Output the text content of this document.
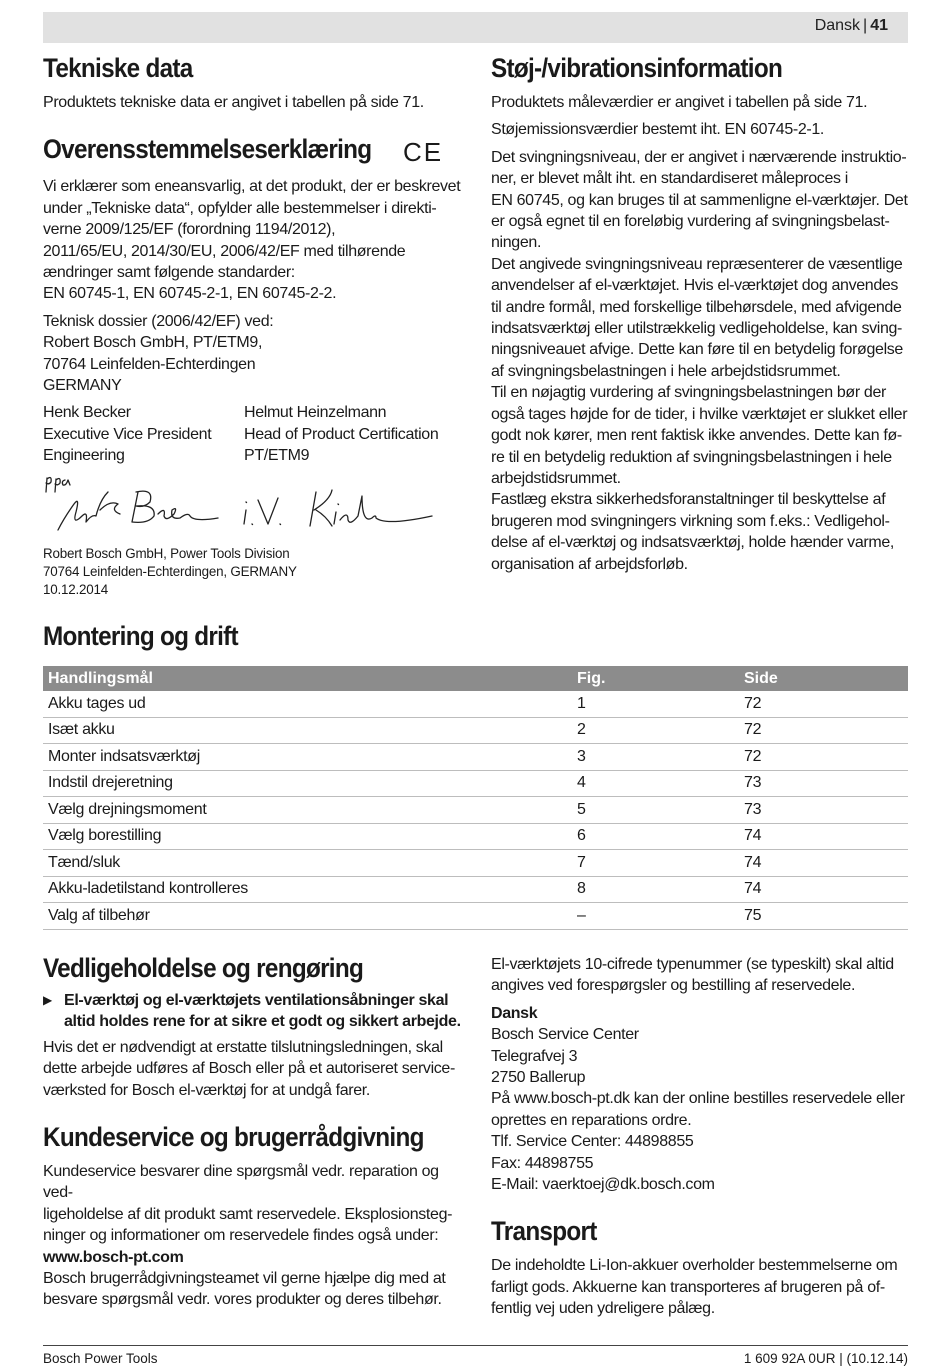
Dansk | 41
Tekniske data

Produktets tekniske data er angivet i tabellen på side 71.

Overensstemmelseserklæring

Vi erklærer som eneansvarlig, at det produkt, der er beskrevet

under „Tekniske data“, opfylder alle bestemmelser i direkti-

verne 2009/125/EF (forordning 1194/2012),

2011/65/EU, 2014/30/EU, 2006/42/EF med tilhørende

ændringer samt følgende standarder:

EN 60745-1, EN 60745-2-1, EN 60745-2-2.

Teknisk dossier (2006/42/EF) ved:

Robert Bosch GmbH, PT/ETM9,

70764 Leinfelden-Echterdingen

GERMANY

Henk Becker

Executive Vice President

Engineering

Helmut Heinzelmann

Head of Product Certification

PT/ETM9

CE

Robert Bosch GmbH, Power Tools Division

70764 Leinfelden-Echterdingen, GERMANY

10.12.2014

Støj-/vibrationsinformation

Produktets måleværdier er angivet i tabellen på side 71.

Støjemissionsværdier bestemt iht. EN 60745-2-1.

Det svingningsniveau, der er angivet i nærværende instruktio-

ner, er blevet målt iht. en standardiseret måleproces i

EN 60745, og kan bruges til at sammenligne el-værktøjer. Det

er også egnet til en foreløbig vurdering af svingningsbelast-

ningen.

Det angivede svingningsniveau repræsenterer de væsentlige

anvendelser af el-værktøjet. Hvis el-værktøjet dog anvendes

til andre formål, med forskellige tilbehørsdele, med afvigende

indsatsværktøj eller utilstrækkelig vedligeholdelse, kan sving-

ningsniveauet afvige. Dette kan føre til en betydelig forøgelse

af svingningsbelastningen i hele arbejdstidsrummet.

Til en nøjagtig vurdering af svingningsbelastningen bør der

også tages højde for de tider, i hvilke værktøjet er slukket eller

godt nok kører, men rent faktisk ikke anvendes. Dette kan fø-

re til en betydelig reduktion af svingningsbelastningen i hele

arbejdstidsrummet.

Fastlæg ekstra sikkerhedsforanstaltninger til beskyttelse af

brugeren mod svingningers virkning som f.eks.: Vedligehol-

delse af el-værktøj og indsatsværktøj, holde hænder varme,

organisation af arbejdsforløb.

Montering og drift
Handlingsmål	Fig.	Side
Akku tages ud	1	72
Isæt akku	2	72
Monter indsatsværktøj	3	72
Indstil drejeretning	4	73
Vælg drejningsmoment	5	73
Vælg borestilling	6	74
Tænd/sluk	7	74
Akku-ladetilstand kontrolleres	8	74
Valg af tilbehør	–	75
Vedligeholdelse og rengøring
▶ El-værktøj og el-værktøjets ventilationsåbninger skal

altid holdes rene for at sikre et godt og sikkert arbejde.

Hvis det er nødvendigt at erstatte tilslutningsledningen, skal

dette arbejde udføres af Bosch eller på et autoriseret service-

værksted for Bosch el-værktøj for at undgå farer.

Kundeservice og brugerrådgivning

Kundeservice besvarer dine spørgsmål vedr. reparation og ved-

ligeholdelse af dit produkt samt reservedele. Eksplosionsteg-

ninger og informationer om reservedele findes også under:

www.bosch-pt.com

Bosch brugerrådgivningsteamet vil gerne hjælpe dig med at

besvare spørgsmål vedr. vores produkter og deres tilbehør.

El-værktøjets 10-cifrede typenummer (se typeskilt) skal altid

angives ved forespørgsler og bestilling af reservedele.

Dansk

Bosch Service Center

Telegrafvej 3

2750 Ballerup

På www.bosch-pt.dk kan der online bestilles reservedele eller

oprettes en reparations ordre.

Tlf. Service Center: 44898855

Fax: 44898755

E-Mail: vaerktoej@dk.bosch.com

Transport

De indeholdte Li-Ion-akkuer overholder bestemmelserne om

farligt gods. Akkuerne kan transporteres af brugeren på of-

fentlig vej uden ydreligere pålæg.

Bosch Power Tools	1 609 92A 0UR | (10.12.14)
